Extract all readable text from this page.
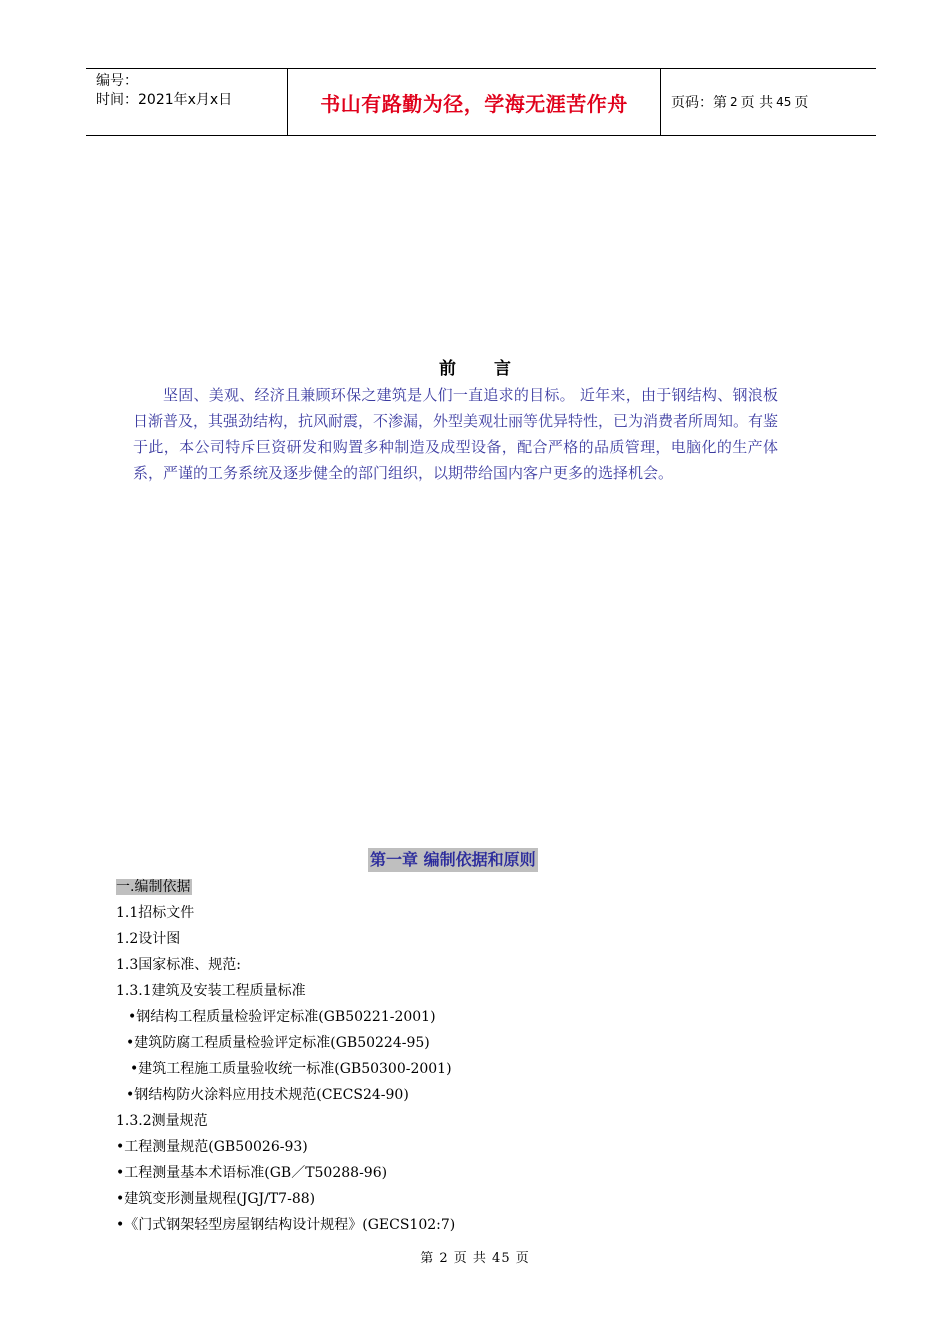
编号：
时间：2021年x月x日	书山有路勤为径，学海无涯苦作舟	页码：第 2 页 共 45 页
前 言
坚固、美观、经济且兼顾环保之建筑是人们一直追求的目标。 近年来，由于钢结构、钢浪板日渐普及，其强劲结构，抗风耐震，不渗漏，外型美观壮丽等优异特性，已为消费者所周知。有鉴于此，本公司特斥巨资研发和购置多种制造及成型设备，配合严格的品质管理，电脑化的生产体系，严谨的工务系统及逐步健全的部门组织，以期带给国内客户更多的选择机会。
第一章 编制依据和原则
一.编制依据
1.1招标文件
1.2设计图
1.3国家标准、规范:
1.3.1建筑及安装工程质量标准
•钢结构工程质量检验评定标准(GB50221-2001)
•建筑防腐工程质量检验评定标准(GB50224-95)
•建筑工程施工质量验收统一标准(GB50300-2001)
•钢结构防火涂料应用技术规范(CECS24-90)
1.3.2测量规范
•工程测量规范(GB50026-93)
•工程测量基本术语标准(GB／T50288-96)
•建筑变形测量规程(JGJ/T7-88)
•《门式钢架轻型房屋钢结构设计规程》(GECS102:7)
第 2 页 共 45 页
